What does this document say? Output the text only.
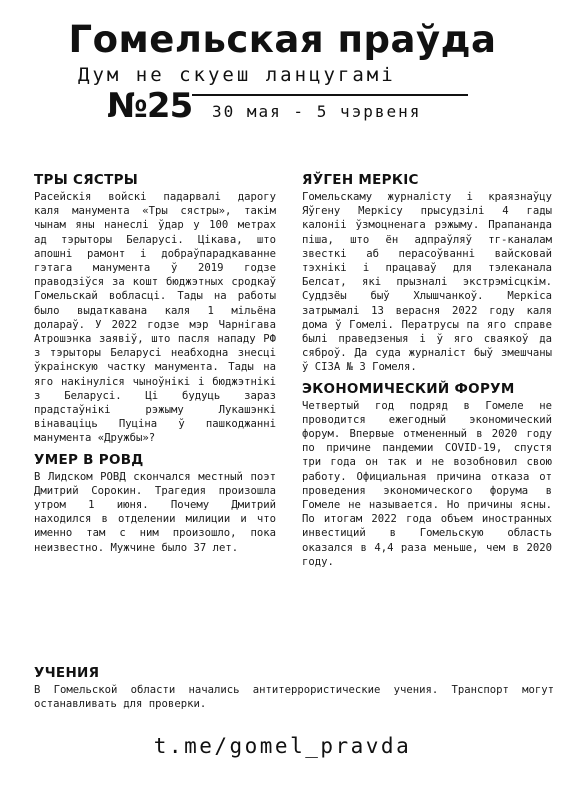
Гомельская праўда
Дум не скуеш ланцугамі
№25 30 мая - 5 чэрвеня
ТРЫ СЯСТРЫ
Расейскія войскі падарвалі дарогу каля манумента «Тры сястры», такім чынам яны нанеслі ўдар у 100 метрах ад тэрыторы Беларусі. Цікава, што апошні рамонт і добраўпарадкаванне гэтага манумента ў 2019 годзе праводзіўся за кошт бюджэтных сродкаў Гомельскай вобласці. Тады на работы было выдаткавана каля 1 мільёна долараў. У 2022 годзе мэр Чарнігава Атрошэнка заявіў, што пасля нападу РФ з тэрыторы Беларусі неабходна знесці ўкраінскую частку манумента. Тады на яго накінуліся чыноўнікі і бюджэтнікі з Беларусі. Ці будуць зараз прадстаўнікі рэжыму Лукашэнкі вінаваціць Пуціна ў пашкоджанні манумента «Дружбы»?
УМЕР В РОВД
В Лидском РОВД скончался местный поэт Дмитрий Сорокин. Трагедия произошла утром 1 июня. Почему Дмитрий находился в отделении милиции и что именно там с ним произошло, пока неизвестно. Мужчине было 37 лет.
ЯЎГЕН МЕРКІС
Гомельскаму журналісту і краязнаўцу Яўгену Меркісу прысудзілі 4 гады калоніі ўзмоцненага рэжыму. Прапананда піша, што ён адпраўляў тг-каналам звесткі аб перасоўванні вайсковай тэхнікі і працаваў для тэлеканала Белсат, які прызналі экстрэмісцкім. Суддзёы быў Хлышчанкоў. Меркіса затрымалі 13 верасня 2022 году каля дома ў Гомелі. Пeратрусы па яго справе былі праведзеныя і ў яго сваякоў да сяброў. Да суда журналіст быў змешчаны ў СІЗА № 3 Гомеля.
ЭКОНОМИЧЕСКИЙ ФОРУМ
Четвертый год подряд в Гомеле не проводится ежегодный экономический форум. Впервые отмененный в 2020 году по причине пандемии COVID-19, спустя три года он так и не возобновил свою работу. Официальная причина отказа от проведения экономического форума в Гомеле не называется. Но причины ясны. По итогам 2022 года объем иностранных инвестиций в Гомельскую область оказался в 4,4 раза меньше, чем в 2020 году.
УЧЕНИЯ
В Гомельской области начались антитеррористические учения. Транспорт могут останавливать для проверки.
t.me/gomel_pravda
